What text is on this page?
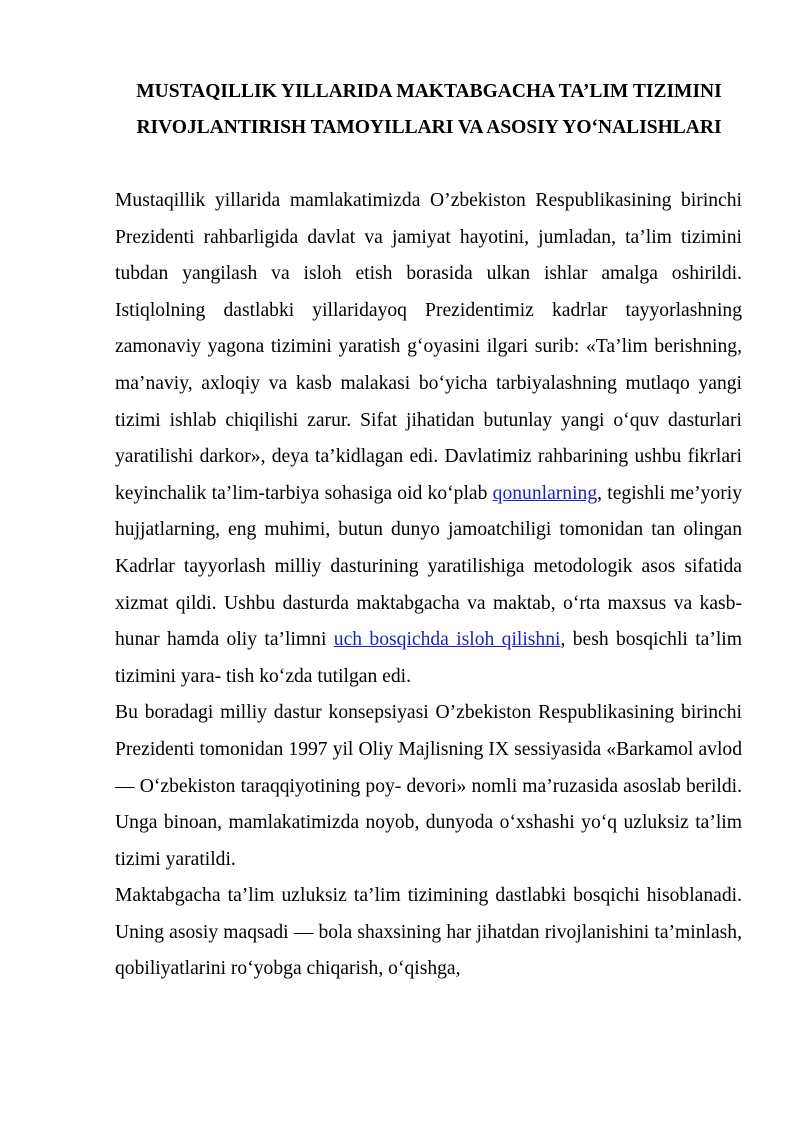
MUSTAQILLIK YILLARIDA MAKTABGACHA TA’LIM TIZIMINI RIVOJLANTIRISH TAMOYILLARI VA ASOSIY YO‘NALISHLARI

Mustaqillik yillarida mamlakatimizda O’zbekiston Respublikasining birinchi Prezidenti rahbarligida davlat va jamiyat hayotini, jumladan, ta’lim tizimini tubdan yangilash va isloh etish borasida ulkan ishlar amalga oshirildi. Istiqlolning dastlabki yillaridayoq Prezidentimiz kadrlar tayyorlashning zamonaviy yagona tizimini yaratish g‘oyasini ilgari surib: «Ta’lim berishning, ma’naviy, axloqiy va kasb malakasi bo‘yicha tarbiyalashning mutlaqo yangi tizimi ishlab chiqilishi zarur. Sifat jihatidan butunlay yangi o‘quv dasturlari yaratilishi darkor», deya ta’kidlagan edi. Davlatimiz rahbarining ushbu fikrlari keyinchalik ta’lim-tarbiya sohasiga oid ko‘plab qonunlarning, tegishli me’yoriy hujjatlarning, eng muhimi, butun dunyo jamoatchiligi tomonidan tan olingan Kadrlar tayyorlash milliy dasturining yaratilishiga metodologik asos sifatida xizmat qildi. Ushbu dasturda maktabgacha va maktab, o‘rta maxsus va kasb-hunar hamda oliy ta’limni uch bosqichda isloh qilishni, besh bosqichli ta’lim tizimini yara- tish ko‘zda tutilgan edi.

Bu boradagi milliy dastur konsepsiyasi O’zbekiston Respublikasining birinchi Prezidenti tomonidan 1997 yil Oliy Majlisning IX sessiyasida «Barkamol avlod — O‘zbekiston taraqqiyotining poy- devori» nomli ma’ruzasida asoslab berildi. Unga binoan, mamlakatimizda noyob, dunyoda o‘xshashi yo‘q uzluksiz ta’lim tizimi yaratildi.

Maktabgacha ta’lim uzluksiz ta’lim tizimining dastlabki bosqichi hisoblanadi. Uning asosiy maqsadi — bola shaxsining har jihatdan rivojlanishini ta’minlash, qobiliyatlarini ro‘yobga chiqarish, o‘qishga,
